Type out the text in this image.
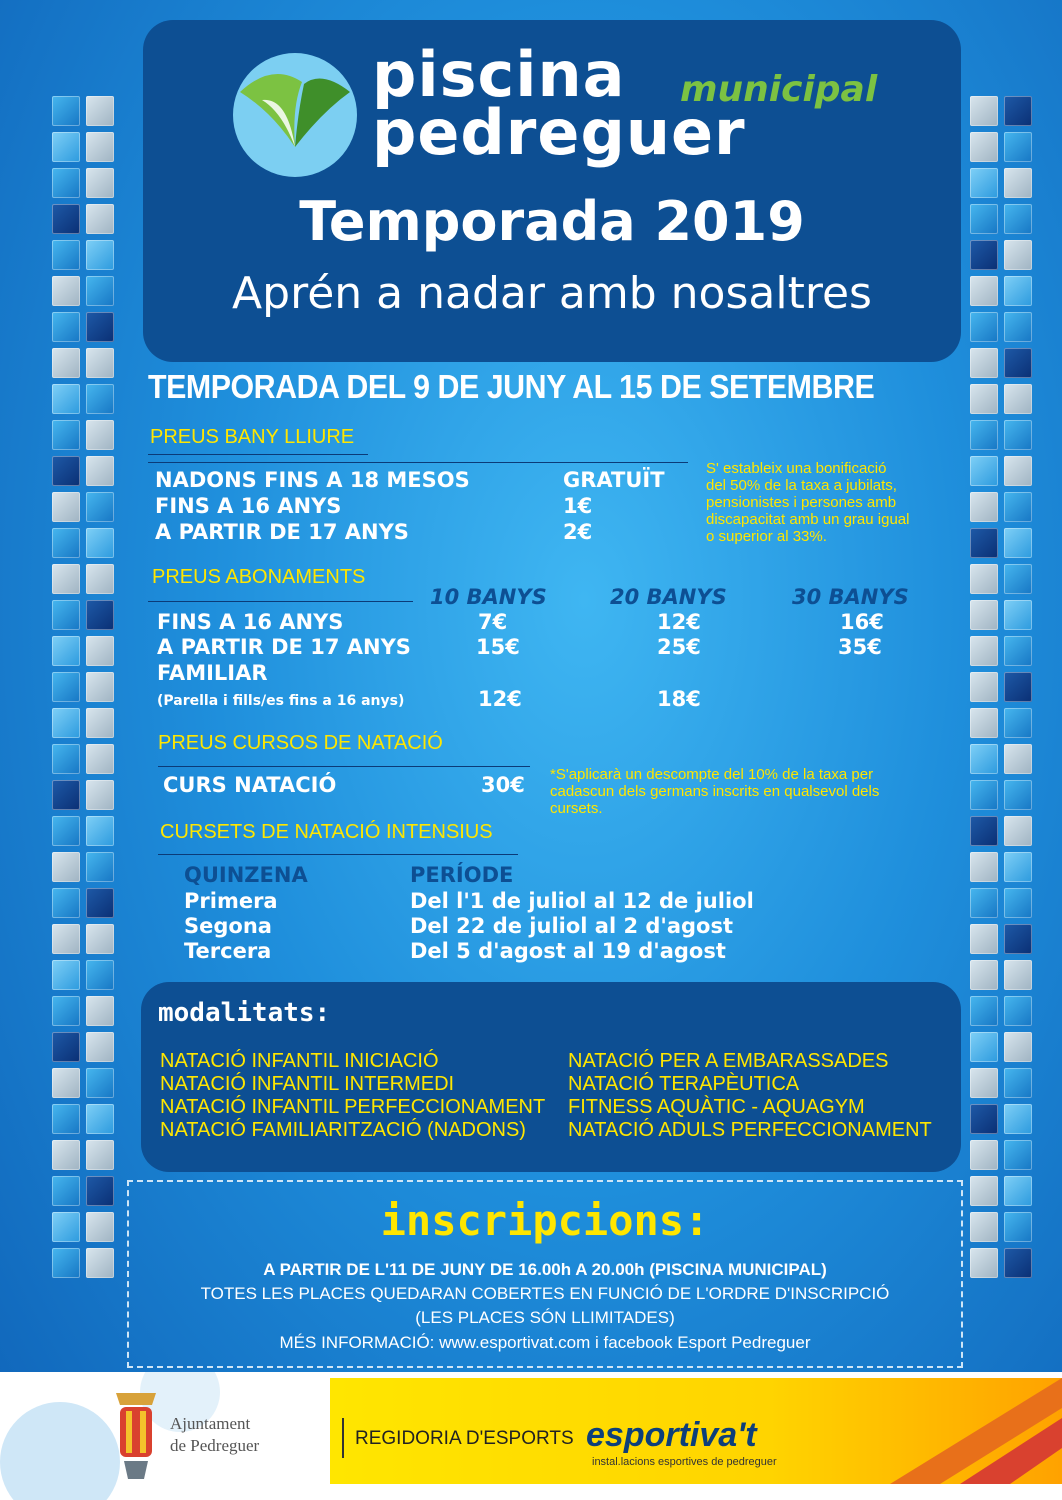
piscina municipal
pedreguer
Temporada 2019
Aprén a nadar amb nosaltres
TEMPORADA DEL 9 DE JUNY AL 15 DE SETEMBRE
PREUS BANY LLIURE
NADONS FINS A 18 MESOS	GRATUÏT
FINS A 16 ANYS	1€
A PARTIR DE 17 ANYS	2€
S' estableix una bonificació
del 50% de la taxa a jubilats,
pensionistes i persones amb
discapacitat amb un grau igual
o superior al 33%.
PREUS ABONAMENTS
10 BANYS	20 BANYS	30 BANYS
FINS A 16 ANYS	7€	12€	16€
A PARTIR DE 17 ANYS	15€	25€	35€
FAMILIAR
(Parella i fills/es fins a 16 anys)	12€	18€
PREUS CURSOS DE NATACIÓ
CURS NATACIÓ	30€ *S'aplicarà un descompte del 10% de la taxa per
cadascun dels germans inscrits en qualsevol dels
cursets.
CURSETS DE NATACIÓ INTENSIUS
QUINZENA	PERÍODE
Primera	Del l'1 de juliol al 12 de juliol
Segona	Del 22 de juliol al 2 d'agost
Tercera	Del 5 d'agost al 19 d'agost
modalitats:
NATACIÓ INFANTIL INICIACIÓ
NATACIÓ INFANTIL INTERMEDI
NATACIÓ INFANTIL PERFECCIONAMENT
NATACIÓ FAMILIARITZACIÓ (NADONS)
NATACIÓ PER A EMBARASSADES
NATACIÓ TERAPÈUTICA
FITNESS AQUÀTIC - AQUAGYM
NATACIÓ ADULS PERFECCIONAMENT
inscripcions:
A PARTIR DE L'11 DE JUNY DE 16.00h A 20.00h (PISCINA MUNICIPAL)
TOTES LES PLACES QUEDARAN COBERTES EN FUNCIÓ DE L'ORDRE D'INSCRIPCIÓ
(LES PLACES SÓN LLIMITADES)
MÉS INFORMACIÓ: www.esportivat.com i facebook Esport Pedreguer
Ajuntament
de Pedreguer	REGIDORIA D'ESPORTS esportiva't
instal.lacions esportives de pedreguer
